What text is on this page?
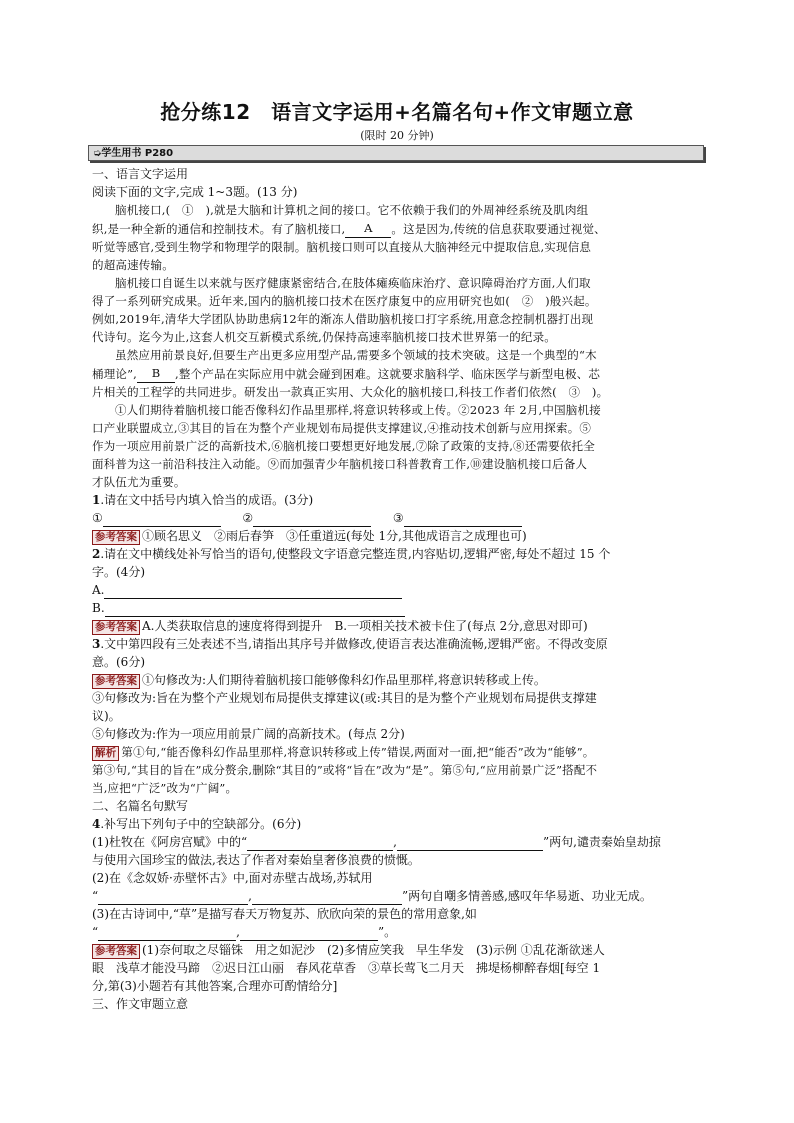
抢分练12　语言文字运用+名篇名句+作文审题立意
(限时 20 分钟)
➭学生用书 P280
一、语言文字运用
阅读下面的文字,完成 1~3题。(13 分)
脑机接口,(　①　),就是大脑和计算机之间的接口。它不依赖于我们的外周神经系统及肌肉组
织,是一种全新的通信和控制技术。有了脑机接口, A 。这是因为,传统的信息获取要通过视觉、
听觉等感官,受到生物学和物理学的限制。脑机接口则可以直接从大脑神经元中提取信息,实现信息
的超高速传输。
脑机接口自诞生以来就与医疗健康紧密结合,在肢体瘫痪临床治疗、意识障碍治疗方面,人们取
得了一系列研究成果。近年来,国内的脑机接口技术在医疗康复中的应用研究也如(　②　)般兴起。
例如,2019年,清华大学团队协助患病12年的渐冻人借助脑机接口打字系统,用意念控制机器打出现
代诗句。迄今为止,这套人机交互新模式系统,仍保持高速率脑机接口技术世界第一的纪录。
虽然应用前景良好,但要生产出更多应用型产品,需要多个领域的技术突破。这是一个典型的“木
桶理论”, B ,整个产品在实际应用中就会碰到困难。这就要求脑科学、临床医学与新型电极、芯
片相关的工程学的共同进步。研发出一款真正实用、大众化的脑机接口,科技工作者们依然(　③　)。
①人们期待着脑机接口能否像科幻作品里那样,将意识转移或上传。②2023 年 2月,中国脑机接
口产业联盟成立,③其目的旨在为整个产业规划布局提供支撑建议,④推动技术创新与应用探索。⑤
作为一项应用前景广泛的高新技术,⑥脑机接口要想更好地发展,⑦除了政策的支持,⑧还需要依托全
面科普为这一前沿科技注入动能。⑨而加强青少年脑机接口科普教育工作,⑩建设脑机接口后备人
才队伍尤为重要。
1.请在文中括号内填入恰当的成语。(3分)
①	②	③
参考答案 ①顾名思义　②雨后春笋　③任重道远(每处 1分,其他成语言之成理也可)
2.请在文中横线处补写恰当的语句,使整段文字语意完整连贯,内容贴切,逻辑严密,每处不超过 15 个
字。(4分)
A.
B.
参考答案 A.人类获取信息的速度将得到提升　B.一项相关技术被卡住了(每点 2分,意思对即可)
3.文中第四段有三处表述不当,请指出其序号并做修改,使语言表达准确流畅,逻辑严密。不得改变原
意。(6分)
参考答案 ①句修改为:人们期待着脑机接口能够像科幻作品里那样,将意识转移或上传。
③句修改为:旨在为整个产业规划布局提供支撑建议(或:其目的是为整个产业规划布局提供支撑建
议)。
⑤句修改为:作为一项应用前景广阔的高新技术。(每点 2分)
解析 第①句,“能否像科幻作品里那样,将意识转移或上传”错误,两面对一面,把“能否”改为“能够”。
第③句,“其目的旨在”成分赘余,删除“其目的”或将“旨在”改为“是”。第⑤句,“应用前景广泛”搭配不
当,应把“广泛”改为“广阔”。
二、名篇名句默写
4.补写出下列句子中的空缺部分。(6分)
(1)杜牧在《阿房宫赋》中的“	,	”两句,谴责秦始皇劫掠
与使用六国珍宝的做法,表达了作者对秦始皇奢侈浪费的愤慨。
(2)在《念奴娇·赤壁怀古》中,面对赤壁古战场,苏轼用
“	,	”两句自嘲多情善感,感叹年华易逝、功业无成。
(3)在古诗词中,“草”是描写春天万物复苏、欣欣向荣的景色的常用意象,如
“	,	”。
参考答案 (1)奈何取之尽锱铢　用之如泥沙　(2)多情应笑我　早生华发　(3)示例 ①乱花渐欲迷人
眼　浅草才能没马蹄　②迟日江山丽　春风花草香　③草长莺飞二月天　拂堤杨柳醉春烟[每空 1
分,第(3)小题若有其他答案,合理亦可酌情给分]
三、作文审题立意
